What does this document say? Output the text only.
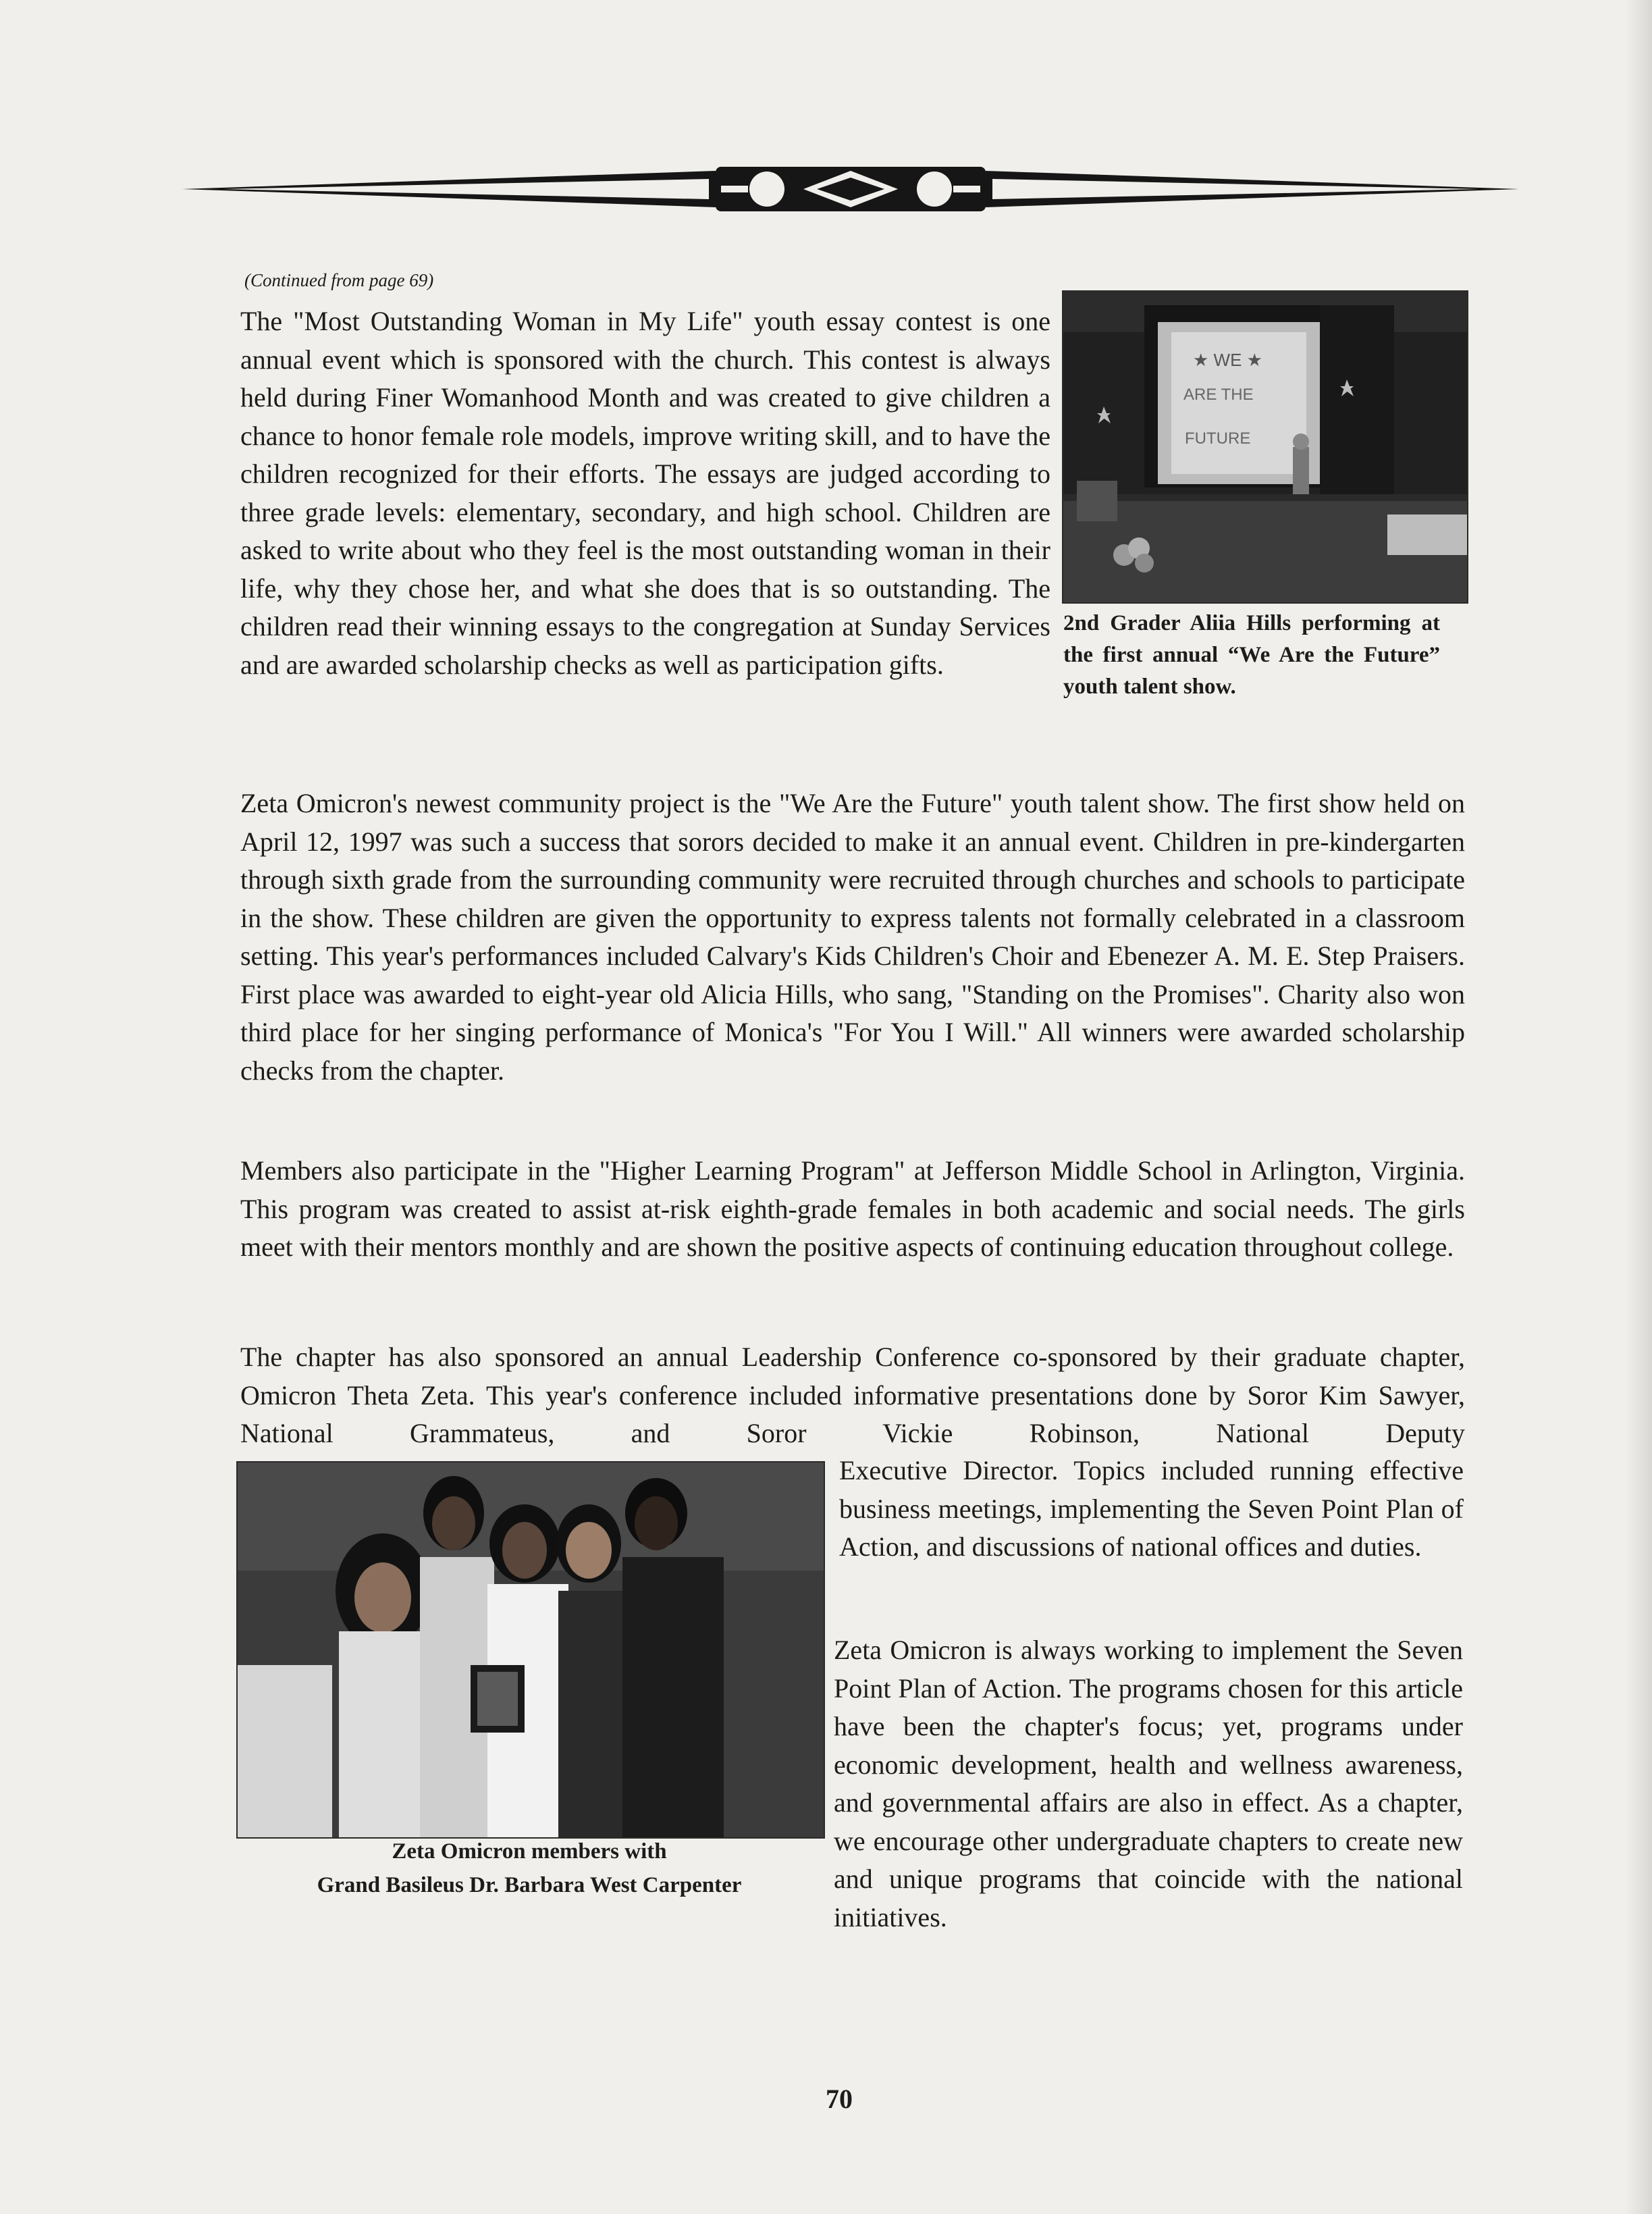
(Continued from page 69)

The "Most Outstanding Woman in My Life" youth essay contest is one annual event which is sponsored with the church. This contest is always held during Finer Womanhood Month and was created to give children a chance to honor female role models, improve writing skill, and to have the children recognized for their efforts. The essays are judged according to three grade levels: elementary, secondary, and high school. Children are asked to write about who they feel is the most outstanding woman in their life, why they chose her, and what she does that is so outstanding. The children read their winning essays to the congregation at Sunday Services and are awarded scholarship checks as well as participation gifts.

★ WE ★
ARE THE
FUTURE

2nd Grader Aliia Hills performing at the first annual “We Are the Future” youth talent show.

Zeta Omicron's newest community project is the "We Are the Future" youth talent show. The first show held on April 12, 1997 was such a success that sorors decided to make it an annual event. Children in pre-kindergarten through sixth grade from the surrounding community were recruited through churches and schools to participate in the show. These children are given the opportunity to express talents not formally celebrated in a classroom setting. This year's performances included Calvary's Kids Children's Choir and Ebenezer A. M. E. Step Praisers. First place was awarded to eight-year old Alicia Hills, who sang, "Standing on the Promises". Charity also won third place for her singing performance of Monica's "For You I Will." All winners were awarded scholarship checks from the chapter.

Members also participate in the "Higher Learning Program" at Jefferson Middle School in Arlington, Virginia. This program was created to assist at-risk eighth-grade females in both academic and social needs. The girls meet with their mentors monthly and are shown the positive aspects of continuing education throughout college.

The chapter has also sponsored an annual Leadership Conference co-sponsored by their graduate chapter, Omicron Theta Zeta. This year's conference included informative presentations done by Soror Kim Sawyer, National Grammateus, and Soror Vickie Robinson, National Deputy

Zeta Omicron members with
Grand Basileus Dr. Barbara West Carpenter

Executive Director. Topics included running effective business meetings, implementing the Seven Point Plan of Action, and discussions of national offices and duties.

Zeta Omicron is always working to implement the Seven Point Plan of Action. The programs chosen for this article have been the chapter's focus; yet, programs under economic development, health and wellness awareness, and governmental affairs are also in effect. As a chapter, we encourage other undergraduate chapters to create new and unique programs that coincide with the national initiatives.

70
